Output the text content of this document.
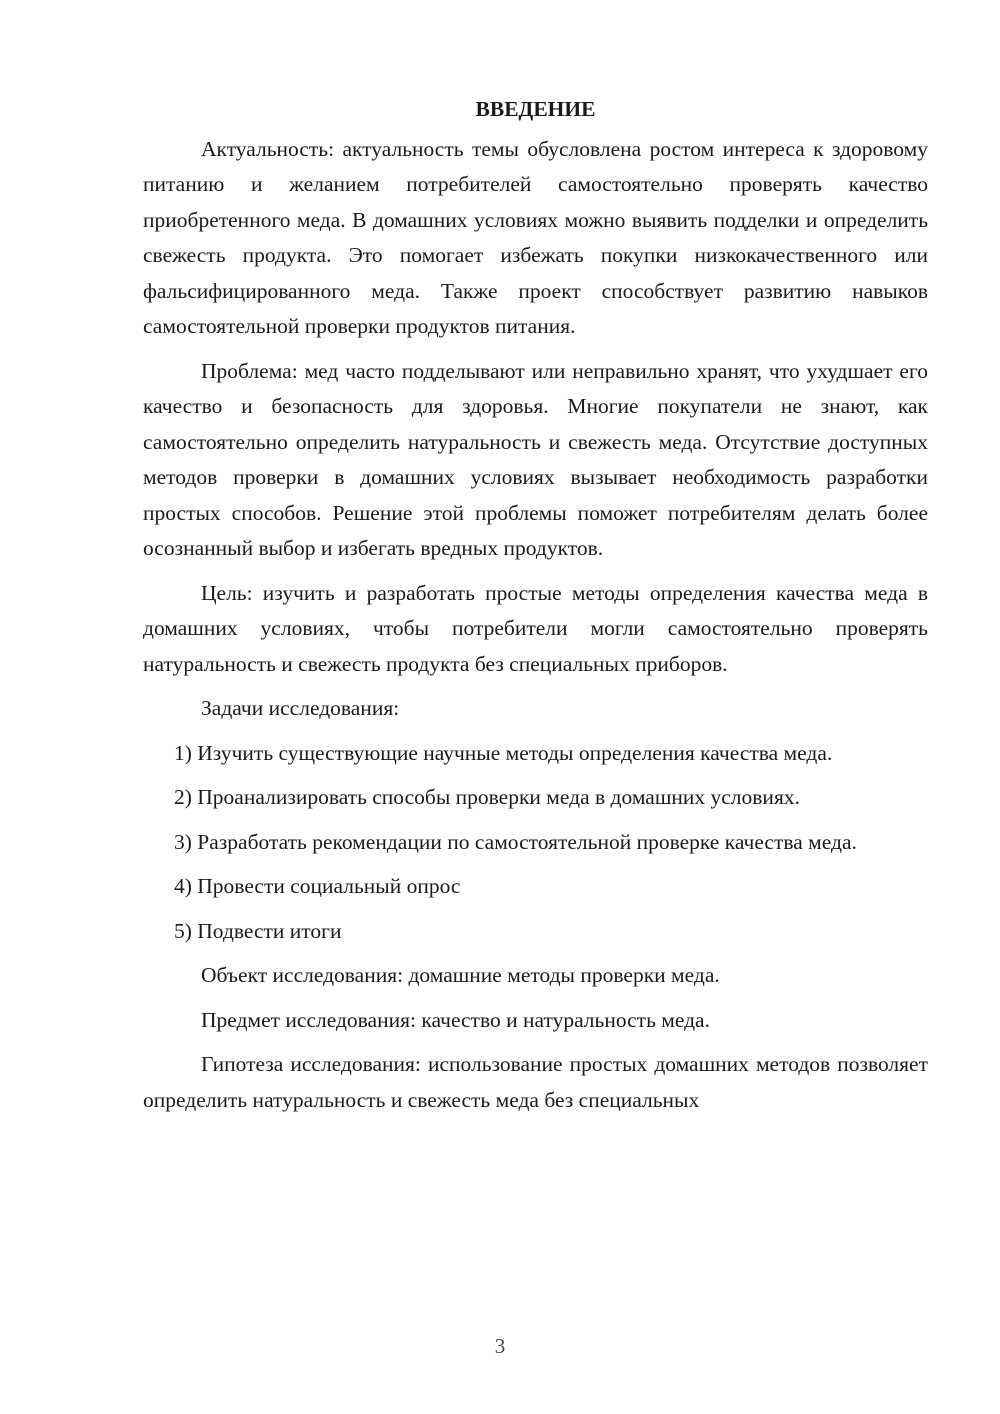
ВВЕДЕНИЕ

Актуальность: актуальность темы обусловлена ростом интереса к здоровому питанию и желанием потребителей самостоятельно проверять качество приобретенного меда. В домашних условиях можно выявить подделки и определить свежесть продукта. Это помогает избежать покупки низкокачественного или фальсифицированного меда. Также проект способствует развитию навыков самостоятельной проверки продуктов питания.

Проблема: мед часто подделывают или неправильно хранят, что ухудшает его качество и безопасность для здоровья. Многие покупатели не знают, как самостоятельно определить натуральность и свежесть меда. Отсутствие доступных методов проверки в домашних условиях вызывает необходимость разработки простых способов. Решение этой проблемы поможет потребителям делать более осознанный выбор и избегать вредных продуктов.

Цель: изучить и разработать простые методы определения качества меда в домашних условиях, чтобы потребители могли самостоятельно проверять натуральность и свежесть продукта без специальных приборов.

Задачи исследования:

1) Изучить существующие научные методы определения качества меда.

2) Проанализировать способы проверки меда в домашних условиях.

3) Разработать рекомендации по самостоятельной проверке качества меда.

4) Провести социальный опрос

5) Подвести итоги

Объект исследования: домашние методы проверки меда.

Предмет исследования: качество и натуральность меда.

Гипотеза исследования: использование простых домашних методов позволяет определить натуральность и свежесть меда без специальных

3
